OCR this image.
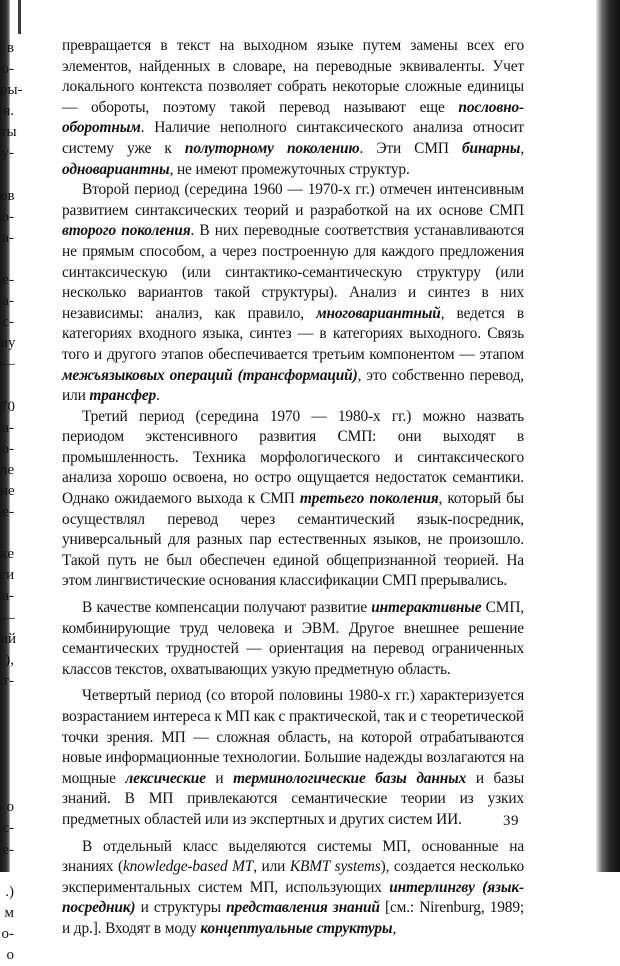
в
о-
ры-
я.
ты
у-
ов
о-
а-
е-
а-
с-
иу
—
70
а-
о-
ле
ие
е-
ке
ги
а-
—
ий
),
т-
о
с-
е-
.)
м
о-
о

превращается в текст на выходном языке путем замены всех его элементов, найденных в словаре, на переводные эквиваленты. Учет локального контекста позволяет собрать некоторые сложные единицы — обороты, поэтому такой перевод называют еще пословно-оборотным. Наличие неполного синтаксического анализа относит систему уже к полуторному поколению. Эти СМП бинарны, одновариантны, не имеют промежуточных структур.

Второй период (середина 1960 — 1970-х гг.) отмечен интенсивным развитием синтаксических теорий и разработкой на их основе СМП второго поколения. В них переводные соответствия устанавливаются не прямым способом, а через построенную для каждого предложения синтаксическую (или синтактико-семантическую структуру (или несколько вариантов такой структуры). Анализ и синтез в них независимы: анализ, как правило, многовариантный, ведется в категориях входного языка, синтез — в категориях выходного. Связь того и другого этапов обеспечивается третьим компонентом — этапом межъязыковых операций (трансформаций), это собственно перевод, или трансфер.

Третий период (середина 1970 — 1980-х гг.) можно назвать периодом экстенсивного развития СМП: они выходят в промышленность. Техника морфологического и синтаксического анализа хорошо освоена, но остро ощущается недостаток семантики. Однако ожидаемого выхода к СМП третьего поколения, который бы осуществлял перевод через семантический язык-посредник, универсальный для разных пар естественных языков, не произошло. Такой путь не был обеспечен единой общепризнанной теорией. На этом лингвистические основания классификации СМП прерывались.

В качестве компенсации получают развитие интерактивные СМП, комбинирующие труд человека и ЭВМ. Другое внешнее решение семантических трудностей — ориентация на перевод ограниченных классов текстов, охватывающих узкую предметную область.

Четвертый период (со второй половины 1980-х гг.) характеризуется возрастанием интереса к МП как с практической, так и с теоретической точки зрения. МП — сложная область, на которой отрабатываются новые информационные технологии. Большие надежды возлагаются на мощные лексические и терминологические базы данных и базы знаний. В МП привлекаются семантические теории из узких предметных областей или из экспертных и других систем ИИ.

В отдельный класс выделяются системы МП, основанные на знаниях (knowledge-based MT, или KBMT systems), создается несколько экспериментальных систем МП, использующих интерлингву (язык-посредник) и структуры представления знаний [см.: Nirenburg, 1989; и др.]. Входят в моду концептуальные структуры,

39
